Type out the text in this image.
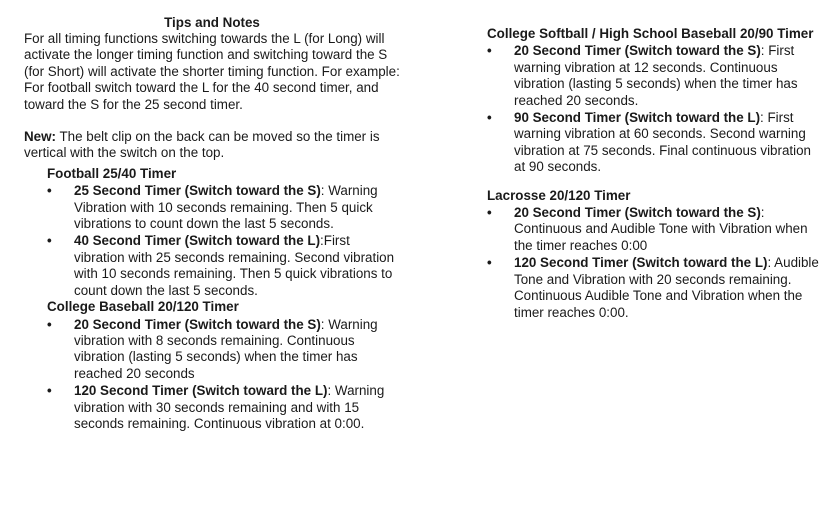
Tips and Notes

For all timing functions switching towards the L (for Long) will activate the longer timing function and switching toward the S (for Short) will activate the shorter timing function. For example: For football switch toward the L for the 40 second timer, and toward the S for the 25 second timer.

New: The belt clip on the back can be moved so the timer is vertical with the switch on the top.

Football 25/40 Timer

•	25 Second Timer (Switch toward the S): Warning Vibration with 10 seconds remaining. Then 5 quick vibrations to count down the last 5 seconds.
•	40 Second Timer (Switch toward the L):First vibration with 25 seconds remaining. Second vibration with 10 seconds remaining. Then 5 quick vibrations to count down the last 5 seconds.

College Baseball 20/120 Timer

•	20 Second Timer (Switch toward the S): Warning vibration with 8 seconds remaining. Continuous vibration (lasting 5 seconds) when the timer has reached 20 seconds
•	120 Second Timer (Switch toward the L): Warning vibration with 30 seconds remaining and with 15 seconds remaining. Continuous vibration at 0:00.

College Softball / High School Baseball 20/90 Timer

•	20 Second Timer (Switch toward the S): First warning vibration at 12 seconds. Continuous vibration (lasting 5 seconds) when the timer has reached 20 seconds.
•	90 Second Timer (Switch toward the L): First warning vibration at 60 seconds. Second warning vibration at 75 seconds. Final continuous vibration at 90 seconds.

Lacrosse 20/120 Timer

•	20 Second Timer (Switch toward the S): Continuous and Audible Tone with Vibration when the timer reaches 0:00
•	120 Second Timer (Switch toward the L): Audible Tone and Vibration with 20 seconds remaining. Continuous Audible Tone and Vibration when the timer reaches 0:00.
